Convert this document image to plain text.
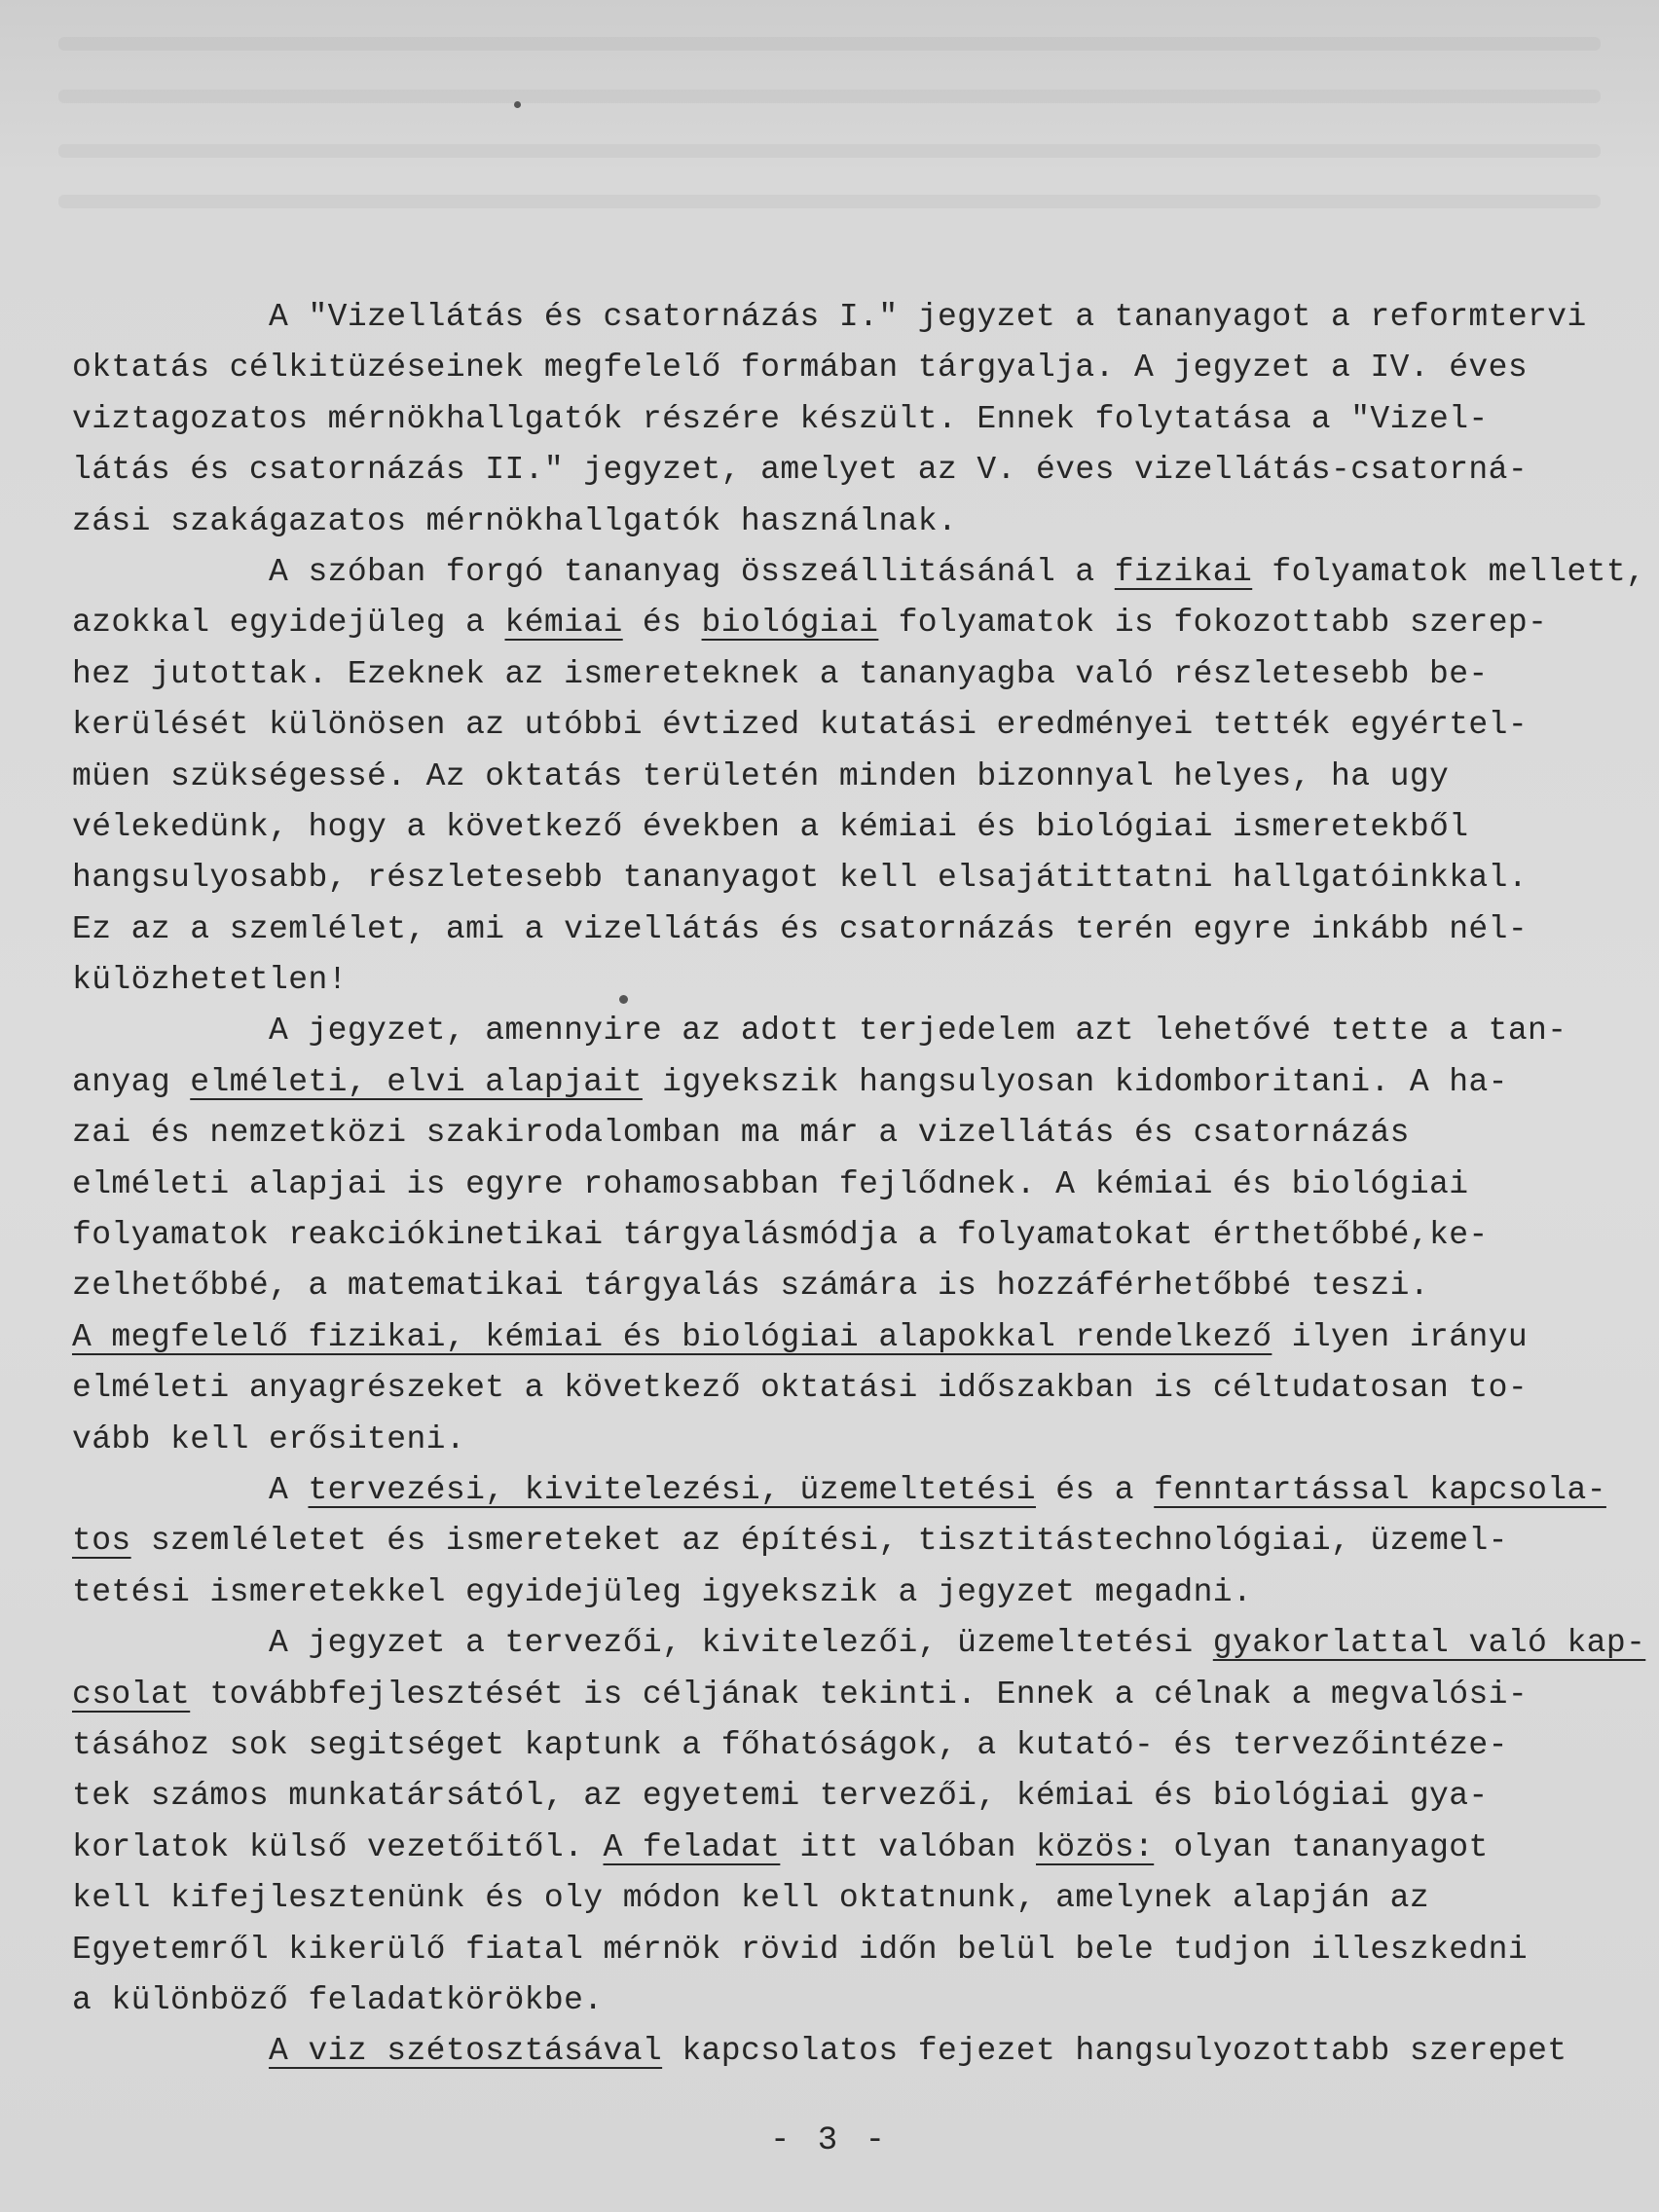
A "Vizellátás és csatornázás I." jegyzet a tananyagot a reformtervi
oktatás célkitüzéseinek megfelelő formában tárgyalja. A jegyzet a IV. éves
viztagozatos mérnökhallgatók részére készült. Ennek folytatása a "Vizel-
látás és csatornázás II." jegyzet, amelyet az V. éves vizellátás-csatorná-
zási szakágazatos mérnökhallgatók használnak.
A szóban forgó tananyag összeállitásánál a fizikai folyamatok mellett,
azokkal egyidejüleg a kémiai és biológiai folyamatok is fokozottabb szerep-
hez jutottak. Ezeknek az ismereteknek a tananyagba való részletesebb be-
kerülését különösen az utóbbi évtized kutatási eredményei tették egyértel-
müen szükségessé. Az oktatás területén minden bizonnyal helyes, ha ugy
vélekedünk, hogy a következő években a kémiai és biológiai ismeretekből
hangsulyosabb, részletesebb tananyagot kell elsajátittatni hallgatóinkkal.
Ez az a szemlélet, ami a vizellátás és csatornázás terén egyre inkább nél-
külözhetetlen!
A jegyzet, amennyire az adott terjedelem azt lehetővé tette a tan-
anyag elméleti, elvi alapjait igyekszik hangsulyosan kidomboritani. A ha-
zai és nemzetközi szakirodalomban ma már a vizellátás és csatornázás
elméleti alapjai is egyre rohamosabban fejlődnek. A kémiai és biológiai
folyamatok reakciókinetikai tárgyalásmódja a folyamatokat érthetőbbé,ke-
zelhetőbbé, a matematikai tárgyalás számára is hozzáférhetőbbé teszi.
A megfelelő fizikai, kémiai és biológiai alapokkal rendelkező ilyen irányu
elméleti anyagrészeket a következő oktatási időszakban is céltudatosan to-
vább kell erősiteni.
A tervezési, kivitelezési, üzemeltetési és a fenntartással kapcsola-
tos szemléletet és ismereteket az építési, tisztitástechnológiai, üzemel-
tetési ismeretekkel egyidejüleg igyekszik a jegyzet megadni.
A jegyzet a tervezői, kivitelezői, üzemeltetési gyakorlattal való kap-
csolat továbbfejlesztését is céljának tekinti. Ennek a célnak a megvalósi-
tásához sok segitséget kaptunk a főhatóságok, a kutató- és tervezőintéze-
tek számos munkatársától, az egyetemi tervezői, kémiai és biológiai gya-
korlatok külső vezetőitől. A feladat itt valóban közös: olyan tananyagot
kell kifejlesztenünk és oly módon kell oktatnunk, amelynek alapján az
Egyetemről kikerülő fiatal mérnök rövid időn belül bele tudjon illeszkedni
a különböző feladatkörökbe.
A viz szétosztásával kapcsolatos fejezet hangsulyozottabb szerepet
- 3 -
